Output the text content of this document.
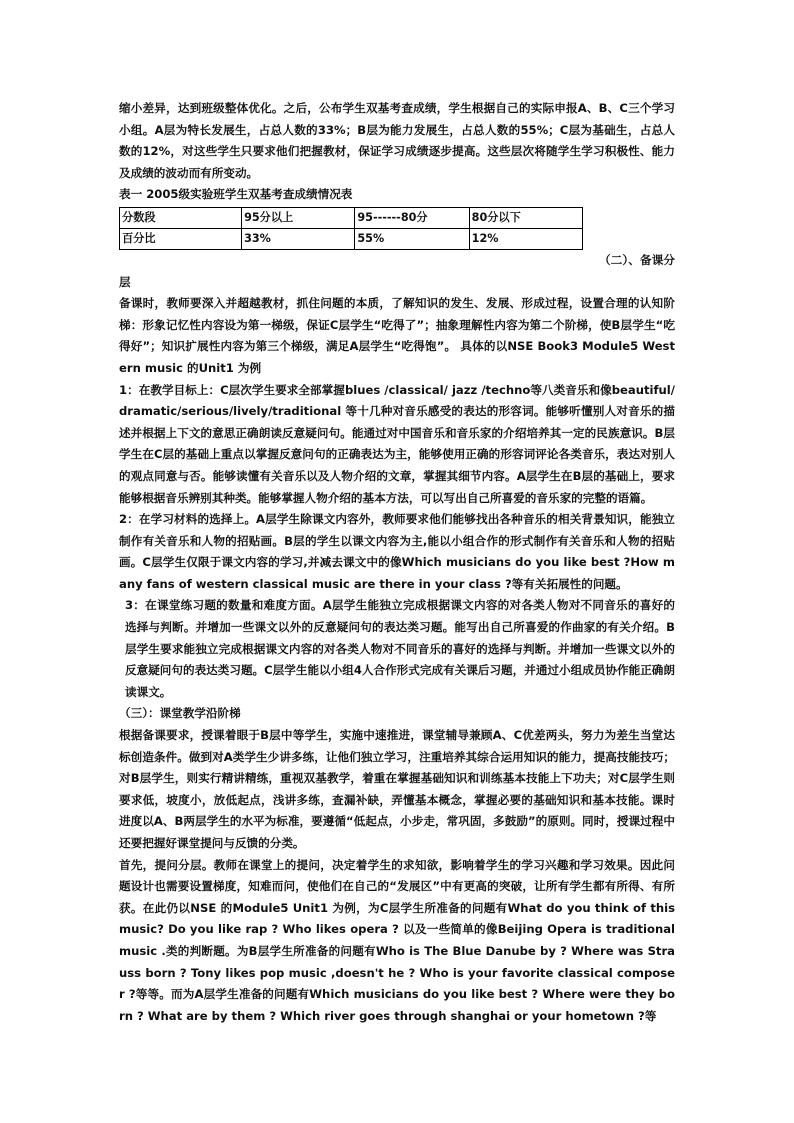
缩小差异，达到班级整体优化。之后，公布学生双基考查成绩，学生根据自己的实际申报A、B、C三个学习小组。A层为特长发展生，占总人数的33%；B层为能力发展生，占总人数的55%；C层为基础生，占总人数的12%，对这些学生只要求他们把握教材，保证学习成绩逐步提高。这些层次将随学生学习积极性、能力及成绩的波动而有所变动。

表一 2005级实验班学生双基考查成绩情况表

分数段	95分以上	95------80分	80分以下
百分比	33%	55%	12%

（二）、备课分层

备课时，教师要深入并超越教材，抓住问题的本质，了解知识的发生、发展、形成过程，设置合理的认知阶梯：形象记忆性内容设为第一梯级，保证C层学生“吃得了”；抽象理解性内容为第二个阶梯，使B层学生“吃得好”；知识扩展性内容为第三个梯级，满足A层学生“吃得饱”。 具体的以NSE Book3 Module5 Western music 的Unit1 为例

1：在教学目标上：C层次学生要求全部掌握blues /classical/ jazz /techno等八类音乐和像beautiful/dramatic/serious/lively/traditional 等十几种对音乐感受的表达的形容词。能够听懂别人对音乐的描述并根据上下文的意思正确朗读反意疑问句。能通过对中国音乐和音乐家的介绍培养其一定的民族意识。B层学生在C层的基础上重点以掌握反意问句的正确表达为主，能够使用正确的形容词评论各类音乐，表达对别人的观点同意与否。能够读懂有关音乐以及人物介绍的文章，掌握其细节内容。A层学生在B层的基础上，要求能够根据音乐辨别其种类。能够掌握人物介绍的基本方法，可以写出自己所喜爱的音乐家的完整的语篇。

2：在学习材料的选择上。A层学生除课文内容外，教师要求他们能够找出各种音乐的相关背景知识，能独立制作有关音乐和人物的招贴画。B层的学生以课文内容为主,能以小组合作的形式制作有关音乐和人物的招贴画。C层学生仅限于课文内容的学习,并减去课文中的像Which musicians do you like best ?How many fans of western classical music are there in your class ?等有关拓展性的问题。

3：在课堂练习题的数量和难度方面。A层学生能独立完成根据课文内容的对各类人物对不同音乐的喜好的选择与判断。并增加一些课文以外的反意疑问句的表达类习题。能写出自己所喜爱的作曲家的有关介绍。B层学生要求能独立完成根据课文内容的对各类人物对不同音乐的喜好的选择与判断。并增加一些课文以外的反意疑问句的表达类习题。C层学生能以小组4人合作形式完成有关课后习题，并通过小组成员协作能正确朗读课文。

（三）：课堂教学沿阶梯

根据备课要求，授课着眼于B层中等学生，实施中速推进，课堂辅导兼顾A、C优差两头，努力为差生当堂达标创造条件。做到对A类学生少讲多练，让他们独立学习，注重培养其综合运用知识的能力，提高技能技巧；对B层学生，则实行精讲精练，重视双基教学，着重在掌握基础知识和训练基本技能上下功夫；对C层学生则要求低，坡度小，放低起点，浅讲多练，查漏补缺，弄懂基本概念，掌握必要的基础知识和基本技能。课时进度以A、B两层学生的水平为标准，要遵循“低起点，小步走，常巩固，多鼓励”的原则。同时，授课过程中还要把握好课堂提问与反馈的分类。

首先，提问分层。教师在课堂上的提问，决定着学生的求知欲，影响着学生的学习兴趣和学习效果。因此问题设计也需要设置梯度，知难而问，使他们在自己的“发展区”中有更高的突破，让所有学生都有所得、有所获。在此仍以NSE 的Module5 Unit1 为例，为C层学生所准备的问题有What do you think of this music? Do you like rap ? Who likes opera ? 以及一些简单的像Beijing Opera is traditional music .类的判断题。为B层学生所准备的问题有Who is The Blue Danube by ? Where was Strauss born ? Tony likes pop music ,doesn't he ? Who is your favorite classical composer ?等等。而为A层学生准备的问题有Which musicians do you like best ? Where were they born ? What are by them ? Which river goes through shanghai or your hometown ?等
